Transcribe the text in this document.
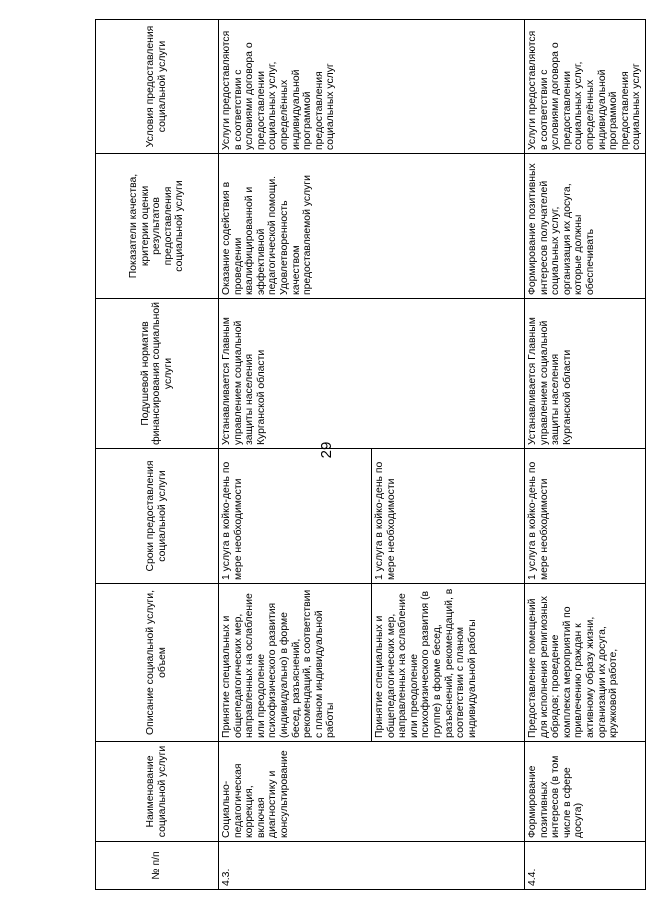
29
№ п/п	Наименование социальной услуги	Описание социальной услуги, объем	Сроки предоставления социальной услуги	Подушевой норматив финансирования социальной услуги	Показатели качества, критерии оценки результатов предоставления социальной услуги	Условия предоставления социальной услуги
4.3.	Социально-педагогическая коррекция, включая диагностику и консультирование	Принятие специальных и общепедагогических мер, направленных на ослабление или преодоление психофизического развития (индивидуально) в форме бесед, разъяснений, рекомендаций, в соответствии с планом индивидуальной работы	1 услуга в койко-день по мере необходимости	Устанавливается Главным управлением социальной защиты населения Курганской области	Оказание содействия в проведении квалифицированной и эффективной педагогической помощи. Удовлетворенность качеством предоставляемой услуги	Услуги предоставляются в соответствии с условиями договора о предоставлении социальных услуг, определённых индивидуальной программой предоставления социальных услуг
		Принятие специальных и общепедагогических мер, направленных на ослабление или преодоление психофизического развития (в группе) в форме бесед, разъяснений, рекомендаций, в соответствии с планом индивидуальной работы	1 услуга в койко-день по мере необходимости			
4.4.	Формирование позитивных интересов (в том числе в сфере досуга)	Предоставление помещений для исполнения религиозных обрядов; проведение комплекса мероприятий по привлечению граждан к активному образу жизни, организации их досуга, кружковой работе,	1 услуга в койко-день по мере необходимости	Устанавливается Главным управлением социальной защиты населения Курганской области	Формирование позитивных интересов получателей социальных услуг, организация их досуга, которые должны обеспечивать	Услуги предоставляются в соответствии с условиями договора о предоставлении социальных услуг, определённых индивидуальной программой предоставления социальных услуг
